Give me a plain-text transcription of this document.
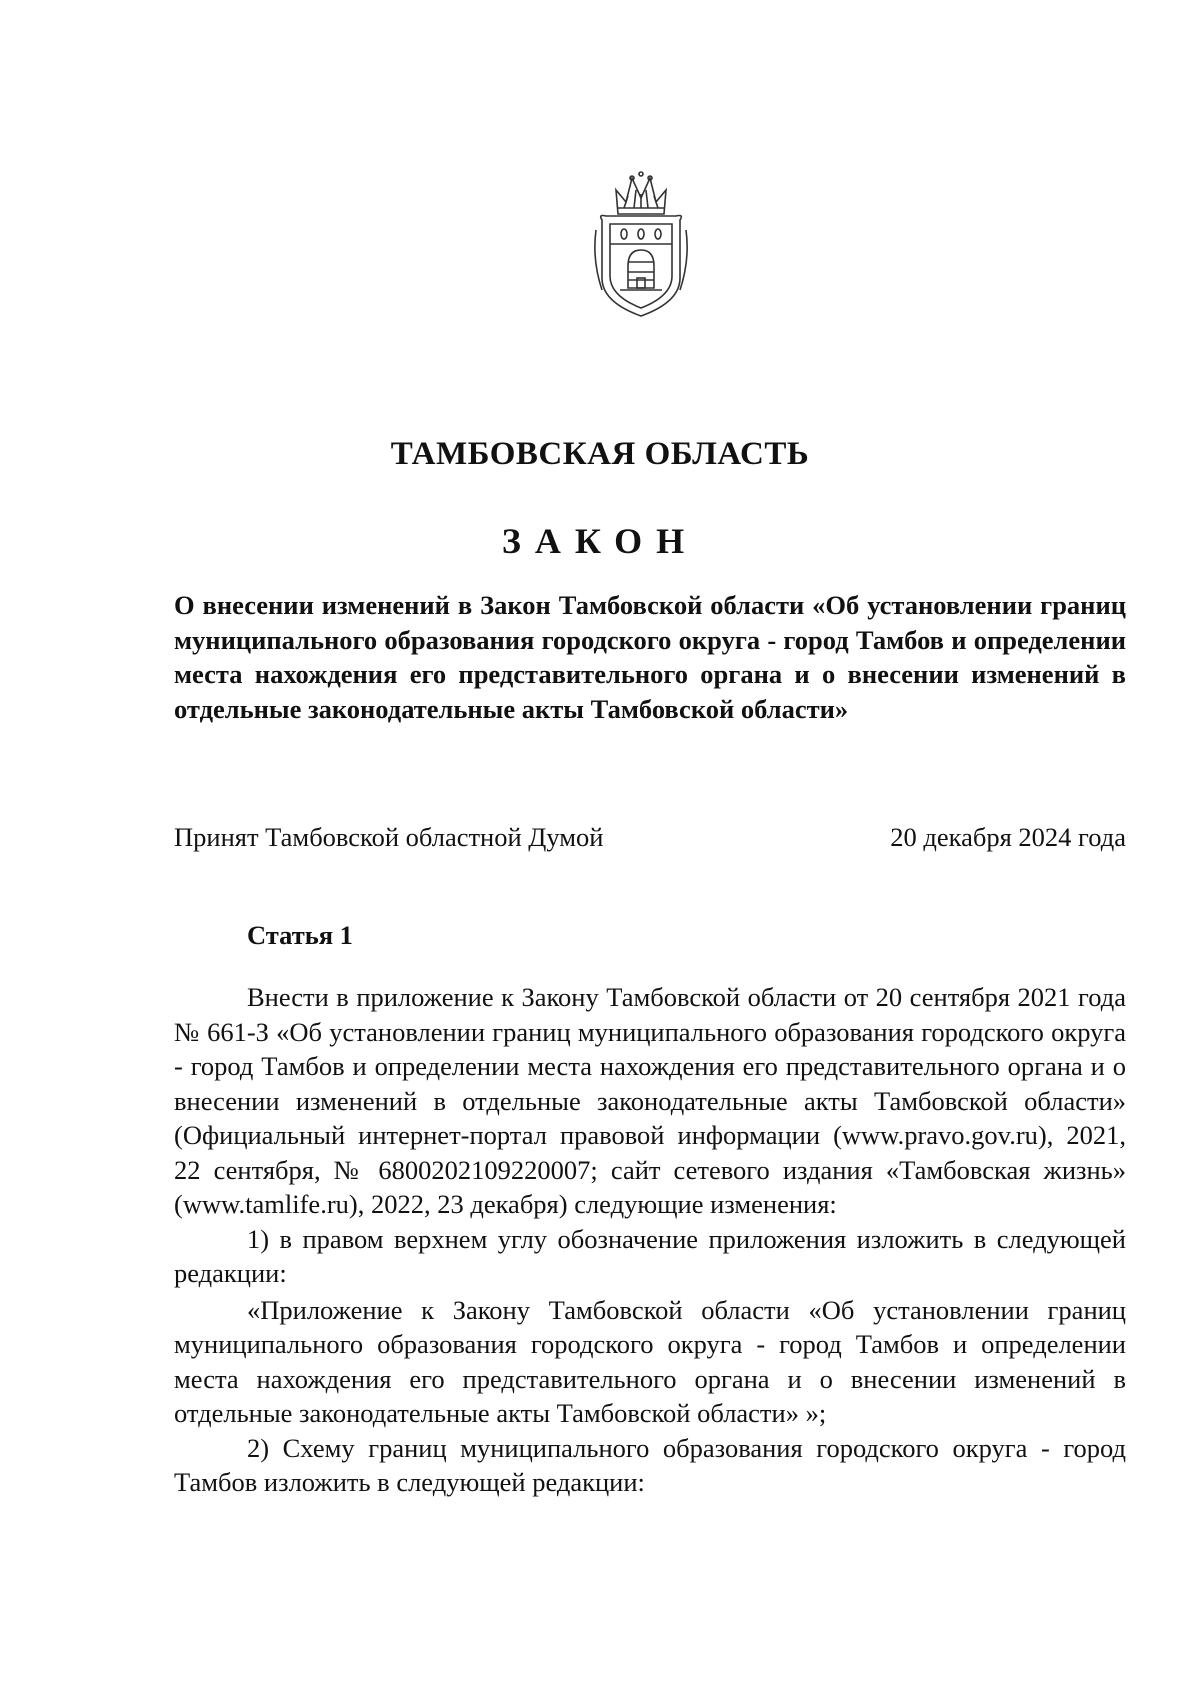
ТАМБОВСКАЯ ОБЛАСТЬ
ЗАКОН
О внесении изменений в Закон Тамбовской области «Об установлении границ муниципального образования городского округа - город Тамбов и определении места нахождения его представительного органа и о внесении изменений в отдельные законодательные акты Тамбовской области»
Принят Тамбовской областной Думой	20 декабря 2024 года
Статья 1

Внести в приложение к Закону Тамбовской области от 20 сентября 2021 года № 661-З «Об установлении границ муниципального образования городского округа - город Тамбов и определении места нахождения его представительного органа и о внесении изменений в отдельные законодательные акты Тамбовской области» (Официальный интернет-портал правовой информации (www.pravo.gov.ru), 2021, 22 сентября, № 6800202109220007; сайт сетевого издания «Тамбовская жизнь» (www.tamlife.ru), 2022, 23 декабря) следующие изменения:

1) в правом верхнем углу обозначение приложения изложить в следующей редакции:

«Приложение к Закону Тамбовской области «Об установлении границ муниципального образования городского округа - город Тамбов и определении места нахождения его представительного органа и о внесении изменений в отдельные законодательные акты Тамбовской области» »;

2) Схему границ муниципального образования городского округа - город Тамбов изложить в следующей редакции:
